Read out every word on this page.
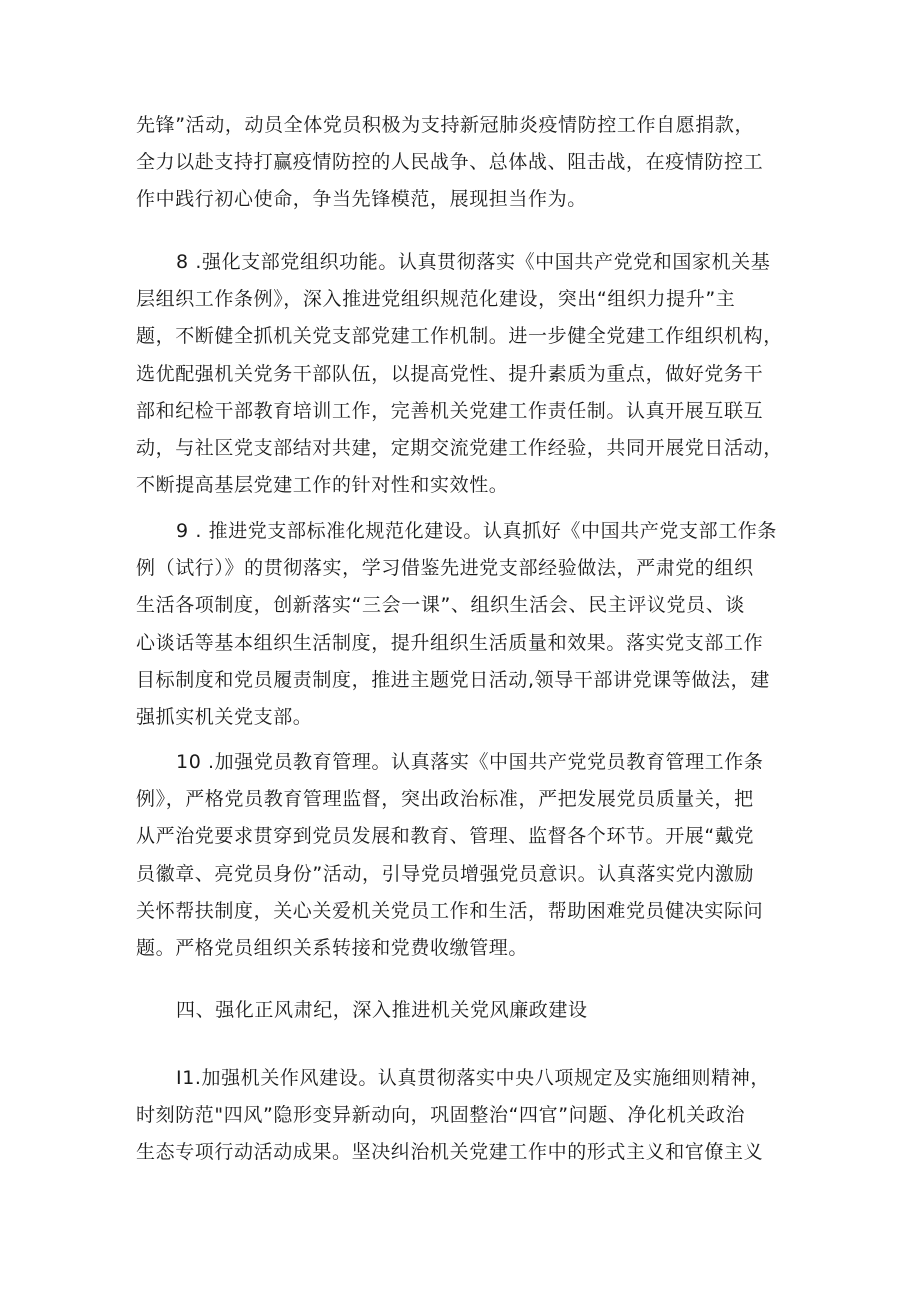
先锋”活动，动员全体党员积极为支持新冠肺炎疫情防控工作自愿捐款，
全力以赴支持打赢疫情防控的人民战争、总体战、阻击战，在疫情防控工
作中践行初心使命，争当先锋模范，展现担当作为。
8 .强化支部党组织功能。认真贯彻落实《中国共产党党和国家机关基
层组织工作条例》，深入推进党组织规范化建设，突出“组织力提升”主
题，不断健全抓机关党支部党建工作机制。进一步健全党建工作组织机构，
选优配强机关党务干部队伍，以提高党性、提升素质为重点，做好党务干
部和纪检干部教育培训工作，完善机关党建工作责任制。认真开展互联互
动，与社区党支部结对共建，定期交流党建工作经验，共同开展党日活动，
不断提高基层党建工作的针对性和实效性。
9 . 推进党支部标准化规范化建设。认真抓好《中国共产党支部工作条
例（试行）》的贯彻落实，学习借鉴先进党支部经验做法，严肃党的组织
生活各项制度，创新落实“三会一课”、组织生活会、民主评议党员、谈
心谈话等基本组织生活制度，提升组织生活质量和效果。落实党支部工作
目标制度和党员履责制度，推进主题党日活动,领导干部讲党课等做法，建
强抓实机关党支部。
10 .加强党员教育管理。认真落实《中国共产党党员教育管理工作条
例》，严格党员教育管理监督，突出政治标准，严把发展党员质量关，把
从严治党要求贯穿到党员发展和教育、管理、监督各个环节。开展“戴党
员徽章、亮党员身份”活动，引导党员增强党员意识。认真落实党内激励
关怀帮扶制度，关心关爱机关党员工作和生活，帮助困难党员健决实际问
题。严格党员组织关系转接和党费收缴管理。
四、强化正风肃纪，深入推进机关党风廉政建设
I1.加强机关作风建设。认真贯彻落实中央八项规定及实施细则精神，
时刻防范"四风”隐形变异新动向，巩固整治“四官”问题、净化机关政治
生态专项行动活动成果。坚决纠治机关党建工作中的形式主义和官僚主义
